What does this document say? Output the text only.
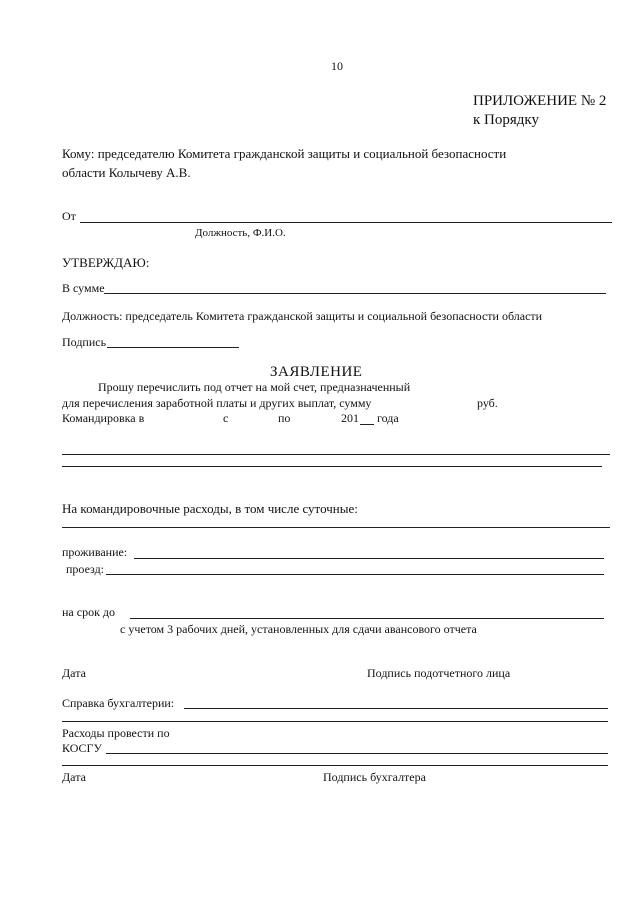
10
ПРИЛОЖЕНИЕ № 2
к Порядку
Кому: председателю Комитета гражданской защиты и социальной безопасности
области Колычеву А.В.
От
Должность, Ф.И.О.
УТВЕРЖДАЮ:
В сумме
Должность: председатель Комитета гражданской защиты и социальной безопасности области
Подпись
ЗАЯВЛЕНИЕ
Прошу перечислить под отчет на мой счет, предназначенный
для перечисления заработной платы и других выплат, сумму	руб.
Командировка в	с	по	201 года
На командировочные расходы, в том числе суточные:
проживание:
проезд:
на срок до
с учетом 3 рабочих дней, установленных для сдачи авансового отчета
Дата	Подпись подотчетного лица
Справка бухгалтерии:
Расходы провести по
КОСГУ
Дата	Подпись бухгалтера
